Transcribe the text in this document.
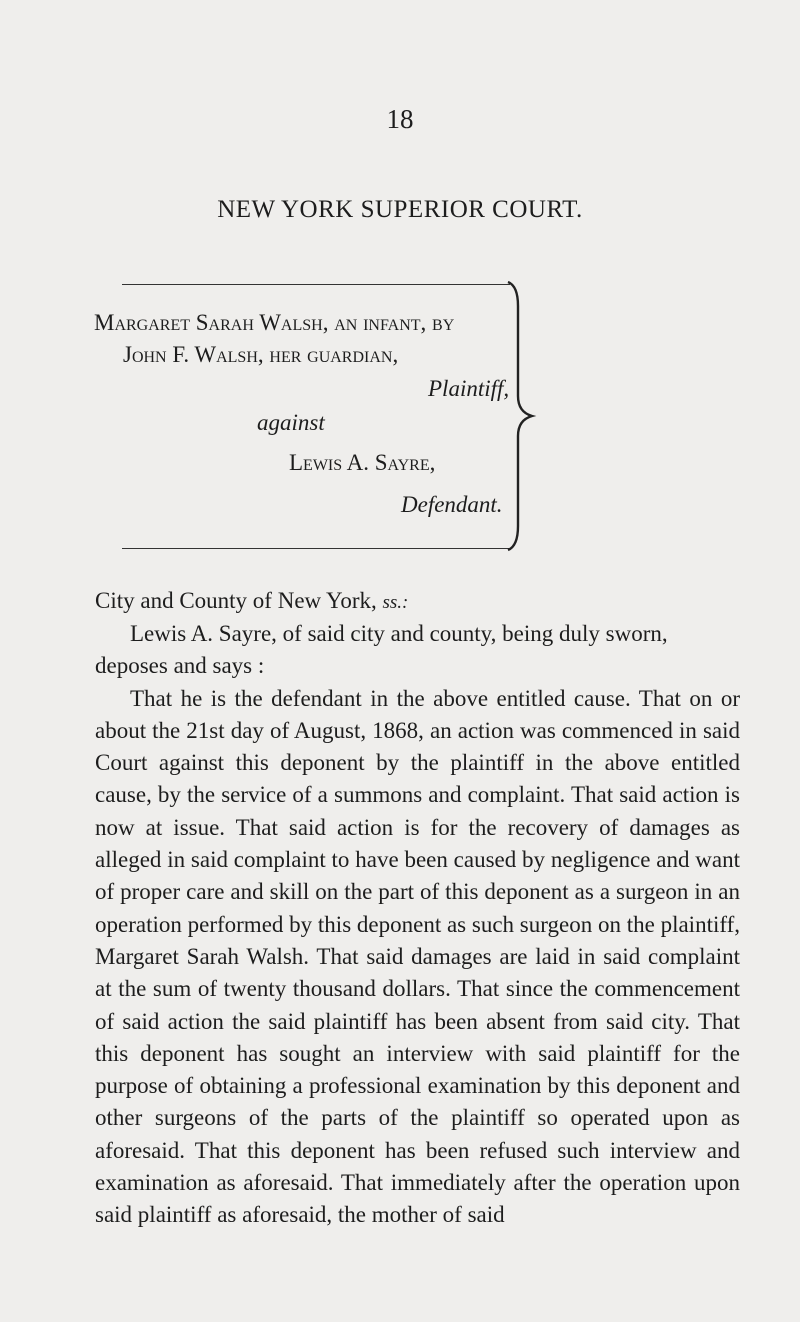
18
NEW YORK SUPERIOR COURT.
Margaret Sarah Walsh, an infant, by
John F. Walsh, her guardian,
Plaintiff,
against
Lewis A. Sayre,
Defendant.
City and County of New York, ss.:

Lewis A. Sayre, of said city and county, being duly sworn, deposes and says :

That he is the defendant in the above entitled cause. That on or about the 21st day of August, 1868, an action was commenced in said Court against this deponent by the plaintiff in the above entitled cause, by the service of a summons and complaint. That said action is now at issue. That said action is for the recovery of damages as alleged in said complaint to have been caused by negligence and want of proper care and skill on the part of this deponent as a surgeon in an operation performed by this deponent as such surgeon on the plaintiff, Margaret Sarah Walsh. That said damages are laid in said complaint at the sum of twenty thousand dollars. That since the commencement of said action the said plaintiff has been absent from said city. That this deponent has sought an interview with said plaintiff for the purpose of obtaining a professional examination by this deponent and other surgeons of the parts of the plaintiff so operated upon as aforesaid. That this deponent has been refused such interview and examination as aforesaid. That immediately after the operation upon said plaintiff as aforesaid, the mother of said
